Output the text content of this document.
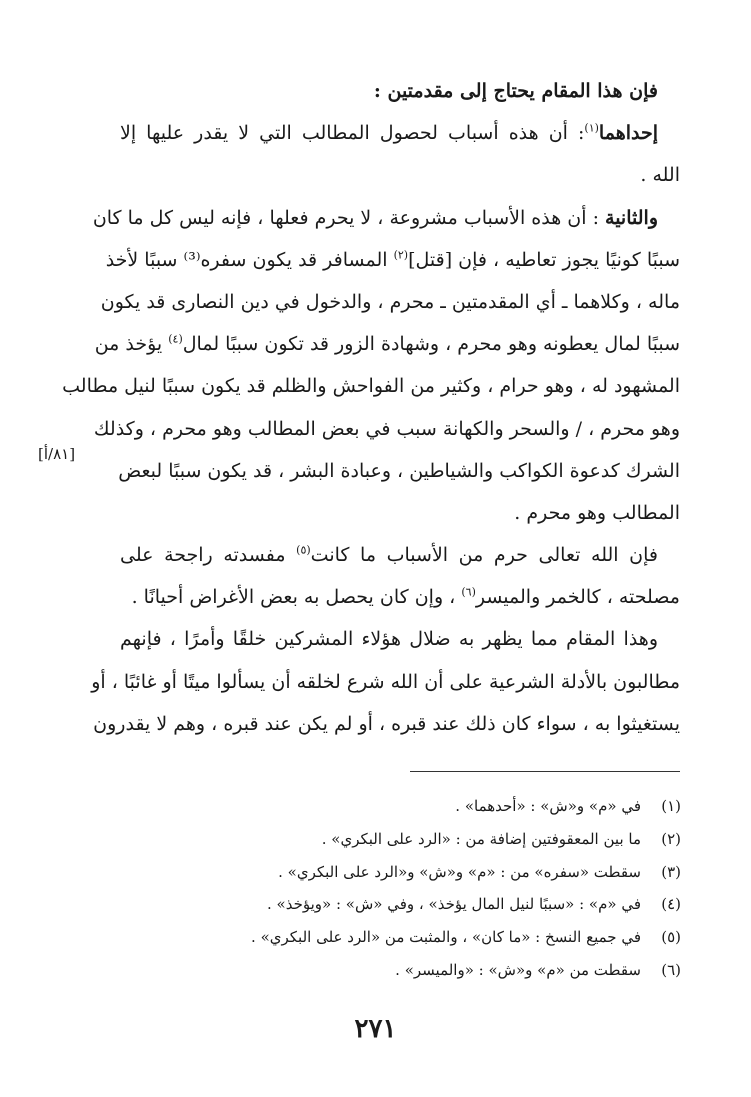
فإن هذا المقام يحتاج إلى مقدمتين :
إحداهما$^{(١)}$: أن هذه أسباب لحصول المطالب التي لا يقدر عليها إلا
الله .
والثانية : أن هذه الأسباب مشروعة ، لا يحرم فعلها ، فإنه ليس كل ما كان
سببًا كونيًا يجوز تعاطيه ، فإن [قتل]$^{(٢)}$ المسافر قد يكون سفره⁽³⁾ سببًا لأخذ
ماله ، وكلاهما ـ أي المقدمتين ـ محرم ، والدخول في دين النصارى قد يكون
سببًا لمال يعطونه وهو محرم ، وشهادة الزور قد تكون سببًا لمال$^{(٤)}$ يؤخذ من
المشهود له ، وهو حرام ، وكثير من الفواحش والظلم قد يكون سببًا لنيل مطالب
وهو محرم ، / والسحر والكهانة سبب في بعض المطالب وهو محرم ، وكذلك
الشرك كدعوة الكواكب والشياطين ، وعبادة البشر ، قد يكون سببًا لبعض
المطالب وهو محرم .
فإن الله تعالى حرم من الأسباب ما كانت$^{(٥)}$ مفسدته راجحة على
مصلحته ، كالخمر والميسر$^{(٦)}$ ، وإن كان يحصل به بعض الأغراض أحيانًا .
وهذا المقام مما يظهر به ضلال هؤلاء المشركين خلقًا وأمرًا ، فإنهم
مطالبون بالأدلة الشرعية على أن الله شرع لخلقه أن يسألوا ميتًا أو غائبًا ، أو
يستغيثوا به ، سواء كان ذلك عند قبره ، أو لم يكن عند قبره ، وهم لا يقدرون
[٨١/أ]
(١)
في «م» و«ش» : «أحدهما» .
(٢)
ما بين المعقوفتين إضافة من : «الرد على البكري» .
(٣)
سقطت «سفره» من : «م» و«ش» و«الرد على البكري» .
(٤)
في «م» : «سببًا لنيل المال يؤخذ» ، وفي «ش» : «ويؤخذ» .
(٥)
في جميع النسخ : «ما كان» ، والمثبت من «الرد على البكري» .
(٦)
سقطت من «م» و«ش» : «والميسر» .
٢٧١
